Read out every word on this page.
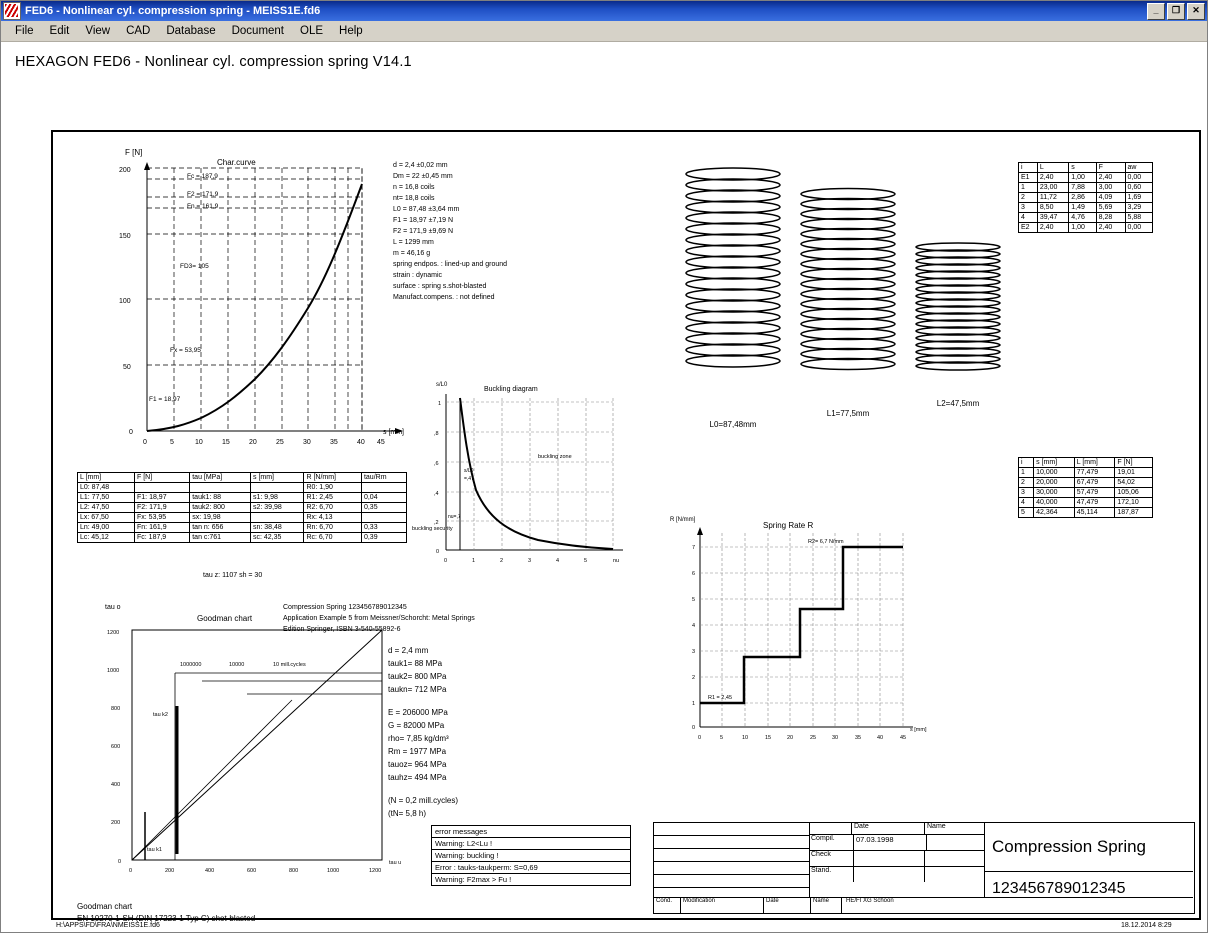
FED6 - Nonlinear cyl. compression spring - MEISS1E.fd6	_	❐	✕
File	Edit	View	CAD	Database	Document	OLE	Help
HEXAGON FED6 - Nonlinear cyl. compression spring V14.1
F [N]
Char.curve
0
50
100
150
200
0	5	10	15	20	25	30	35	40 45
s [mm]
Fc = 187,9
F2 = 171,9
Fn = 161,9
FD3= 105
Fx = 53,95
F1 = 18,97
d = 2,4 ±0,02 mm
Dm = 22 ±0,45 mm
n = 16,8 coils
nt= 18,8 coils
L0 = 87,48 ±3,64 mm
F1 = 18,97 ±7,19 N
F2 = 171,9 ±9,69 N
L = 1299 mm
m = 46,16 g
spring endpos. : lined-up and ground
strain : dynamic
surface : spring s.shot-blasted
Manufact.compens. : not defined
L0=87,48mm
L1=77,5mm
L2=47,5mm
i	L	s	F	aw
E1	2,40	1,00	2,40	0,00
1	23,00	7,88	3,00	0,60
2	11,72	2,86	4,09	1,69
3	8,50	1,49	5,69	3,29
4	39,47	4,76	8,28	5,88
E2	2,40	1,00	2,40	0,00
i	s [mm]	L [mm]	F [N]
1	10,000	77,479	19,01
2	20,000	67,479	54,02
3	30,000	57,479	105,06
4	40,000	47,479	172,10
5	42,364	45,114	187,87
L [mm]	F [N]	tau [MPa]	s [mm]	R [N/mm]	tau/Rm
L0: 87,48				R0: 1,90	
L1: 77,50	F1: 18,97	tauk1: 88	s1: 9,98	R1: 2,45	0,04
L2: 47,50	F2: 171,9	tauk2: 800	s2: 39,98	R2: 6,70	0,35
Lx: 67,50	Fx: 53,95	sx: 19,98		Rx: 4,13	
Ln: 49,00	Fn: 161,9	tan n: 656	sn: 38,48	Rn: 6,70	0,33
Lc: 45,12	Fc: 187,9	tan c:761	sc: 42,35	Rc: 6,70	0,39
tau z: 1107 sh = 30
s/L0
Buckling diagram
0
,2
,4
,6
,8
1
0	1	2	3	4	5	nu
buckling zone
buckling security
s/L0
=,47
nu=,7	R [N/mm]
Spring Rate R
0
1
2
3
4
5
6
7
0	5	10	15	20	25	30	35	40	45
s [mm]
R2= 6,7 N/mm
R1 = 2,45
tau o
Goodman chart
0
200
400
600
800
1000
1200
0	200	400	600	800	1000	1200
tau u
1000000	10000	10 mill.cycles
tau k2
tau k1
Goodman chart
EN 10270-1-SH (DIN 17223-1 Typ C) shot-blasted
Compression Spring 123456789012345
Application Example 5 from Meissner/Schorcht: Metal Springs
Edition Springer, ISBN 3-540-55892-6
d = 2,4 mm
tauk1= 88 MPa
tauk2= 800 MPa
taukn= 712 MPa
E = 206000 MPa
G = 82000 MPa
rho= 7,85 kg/dm³
Rm = 1977 MPa
tauoz= 964 MPa
tauhz= 494 MPa
(N = 0,2 mill.cycles)
(tN= 5,8 h)
error messages
Warning: L2<Lu !
Warning: buckling !
Error : tauks-taukperm: S=0,69
Warning: F2max > Fu !
Date	Name
Compil.	07.03.1998
Check
Stand.
Compression Spring
123456789012345
Cond.	Modification	Date	Name	HE/FI XG Schoon
H:\APPS\FD\FRA\NMEISS1E.fd6	18.12.2014 8:29
